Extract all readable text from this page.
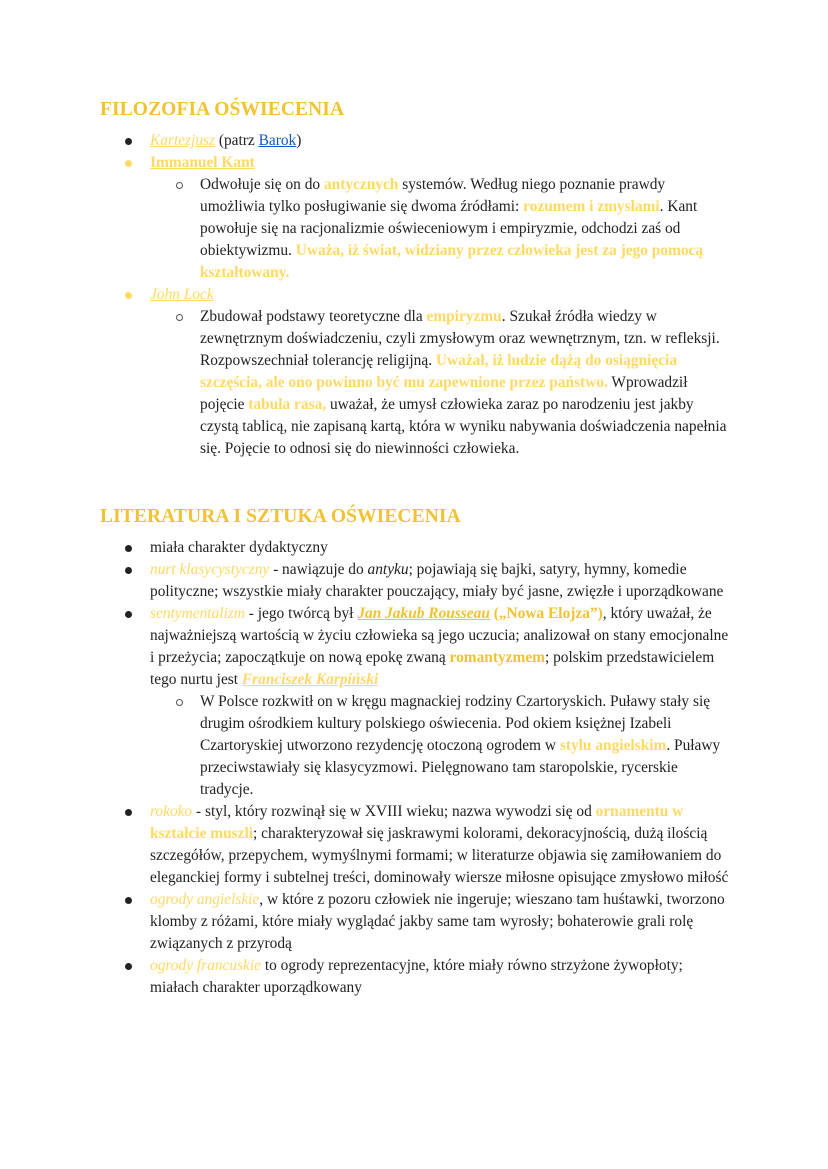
FILOZOFIA OŚWIECENIA
Kartezjusz (patrz Barok)
Immanuel Kant
Odwołuje się on do antycznych systemów. Według niego poznanie prawdy umożliwia tylko posługiwanie się dwoma źródłami: rozumem i zmysłami. Kant powołuje się na racjonalizmie oświeceniowym i empiryzmie, odchodzi zaś od obiektywizmu. Uważa, iż świat, widziany przez człowieka jest za jego pomocą kształtowany.
John Lock
Zbudował podstawy teoretyczne dla empiryzmu. Szukał źródła wiedzy w zewnętrznym doświadczeniu, czyli zmysłowym oraz wewnętrznym, tzn. w refleksji. Rozpowszechniał tolerancję religijną. Uważał, iż ludzie dążą do osiągnięcia szczęścia, ale ono powinno być mu zapewnione przez państwo. Wprowadził pojęcie tabula rasa, uważał, że umysł człowieka zaraz po narodzeniu jest jakby czystą tablicą, nie zapisaną kartą, która w wyniku nabywania doświadczenia napełnia się. Pojęcie to odnosi się do niewinności człowieka.
LITERATURA I SZTUKA OŚWIECENIA
miała charakter dydaktyczny
nurt klasycystyczny - nawiązuje do antyku; pojawiają się bajki, satyry, hymny, komedie polityczne; wszystkie miały charakter pouczający, miały być jasne, zwięzłe i uporządkowane
sentymentalizm - jego twórcą był Jan Jakub Rousseau („Nowa Elojza”), który uważał, że najważniejszą wartością w życiu człowieka są jego uczucia; analizował on stany emocjonalne i przeżycia; zapoczątkuje on nową epokę zwaną romantyzmem; polskim przedstawicielem tego nurtu jest Franciszek Karpiński
W Polsce rozkwitł on w kręgu magnackiej rodziny Czartoryskich. Puławy stały się drugim ośrodkiem kultury polskiego oświecenia. Pod okiem księżnej Izabeli Czartoryskiej utworzono rezydencję otoczoną ogrodem w stylu angielskim. Puławy przeciwstawiały się klasycyzmowi. Pielęgnowano tam staropolskie, rycerskie tradycje.
rokoko - styl, który rozwinął się w XVIII wieku; nazwa wywodzi się od ornamentu w kształcie muszli; charakteryzował się jaskrawymi kolorami, dekoracyjnością, dużą ilością szczegółów, przepychem, wymyślnymi formami; w literaturze objawia się zamiłowaniem do eleganckiej formy i subtelnej treści, dominowały wiersze miłosne opisujące zmysłowo miłość
ogrody angielskie, w które z pozoru człowiek nie ingeruje; wieszano tam huśtawki, tworzono klomby z różami, które miały wyglądać jakby same tam wyrosły; bohaterowie grali rolę związanych z przyrodą
ogrody francuskie to ogrody reprezentacyjne, które miały równo strzyżone żywopłoty; miałach charakter uporządkowany
